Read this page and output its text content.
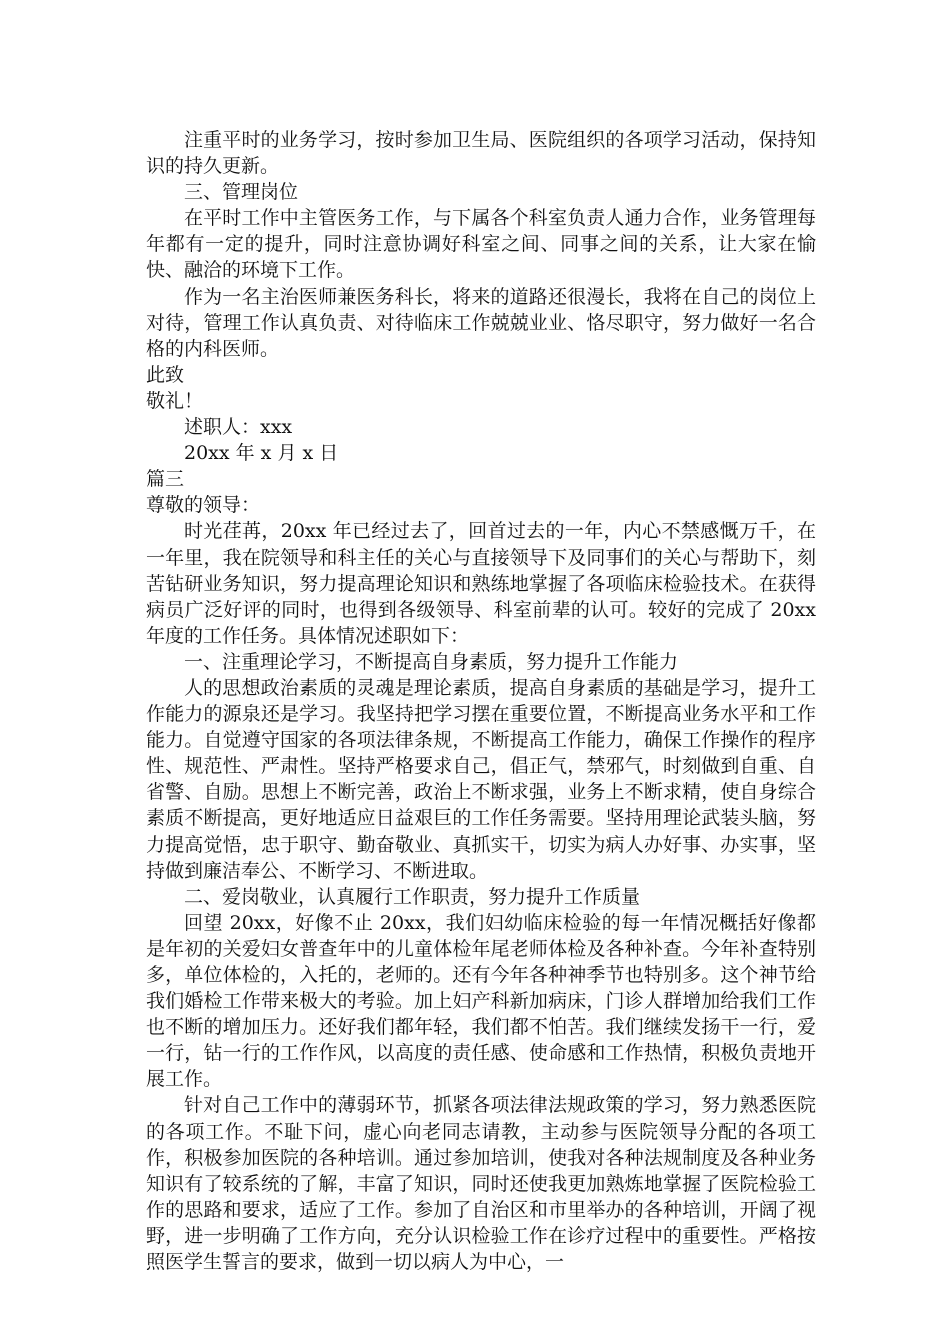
注重平时的业务学习，按时参加卫生局、医院组织的各项学习活动，保持知识的持久更新。

三、管理岗位

在平时工作中主管医务工作，与下属各个科室负责人通力合作，业务管理每年都有一定的提升，同时注意协调好科室之间、同事之间的关系，让大家在愉快、融洽的环境下工作。

作为一名主治医师兼医务科长，将来的道路还很漫长，我将在自己的岗位上对待，管理工作认真负责、对待临床工作兢兢业业、恪尽职守，努力做好一名合格的内科医师。

此致

敬礼！

述职人：xxx

20xx 年 x 月 x 日

篇三

尊敬的领导：

时光荏苒，20xx 年已经过去了，回首过去的一年，内心不禁感慨万千，在一年里，我在院领导和科主任的关心与直接领导下及同事们的关心与帮助下，刻苦钻研业务知识，努力提高理论知识和熟练地掌握了各项临床检验技术。在获得病员广泛好评的同时，也得到各级领导、科室前辈的认可。较好的完成了 20xx 年度的工作任务。具体情况述职如下：

一、注重理论学习，不断提高自身素质，努力提升工作能力

人的思想政治素质的灵魂是理论素质，提高自身素质的基础是学习，提升工作能力的源泉还是学习。我坚持把学习摆在重要位置，不断提高业务水平和工作能力。自觉遵守国家的各项法律条规，不断提高工作能力，确保工作操作的程序性、规范性、严肃性。坚持严格要求自己，倡正气，禁邪气，时刻做到自重、自省警、自励。思想上不断完善，政治上不断求强，业务上不断求精，使自身综合素质不断提高，更好地适应日益艰巨的工作任务需要。坚持用理论武装头脑，努力提高觉悟，忠于职守、勤奋敬业、真抓实干，切实为病人办好事、办实事，坚持做到廉洁奉公、不断学习、不断进取。

二、爱岗敬业，认真履行工作职责，努力提升工作质量

回望 20xx，好像不止 20xx，我们妇幼临床检验的每一年情况概括好像都是年初的关爱妇女普查年中的儿童体检年尾老师体检及各种补查。今年补查特别多，单位体检的，入托的，老师的。还有今年各种神季节也特别多。这个神节给我们婚检工作带来极大的考验。加上妇产科新加病床，门诊人群增加给我们工作也不断的增加压力。还好我们都年轻，我们都不怕苦。我们继续发扬干一行，爱一行，钻一行的工作作风，以高度的责任感、使命感和工作热情，积极负责地开展工作。

针对自己工作中的薄弱环节，抓紧各项法律法规政策的学习，努力熟悉医院的各项工作。不耻下问，虚心向老同志请教，主动参与医院领导分配的各项工作，积极参加医院的各种培训。通过参加培训，使我对各种法规制度及各种业务知识有了较系统的了解，丰富了知识，同时还使我更加熟炼地掌握了医院检验工作的思路和要求，适应了工作。参加了自治区和市里举办的各种培训，开阔了视野，进一步明确了工作方向，充分认识检验工作在诊疗过程中的重要性。严格按照医学生誓言的要求，做到一切以病人为中心，一
